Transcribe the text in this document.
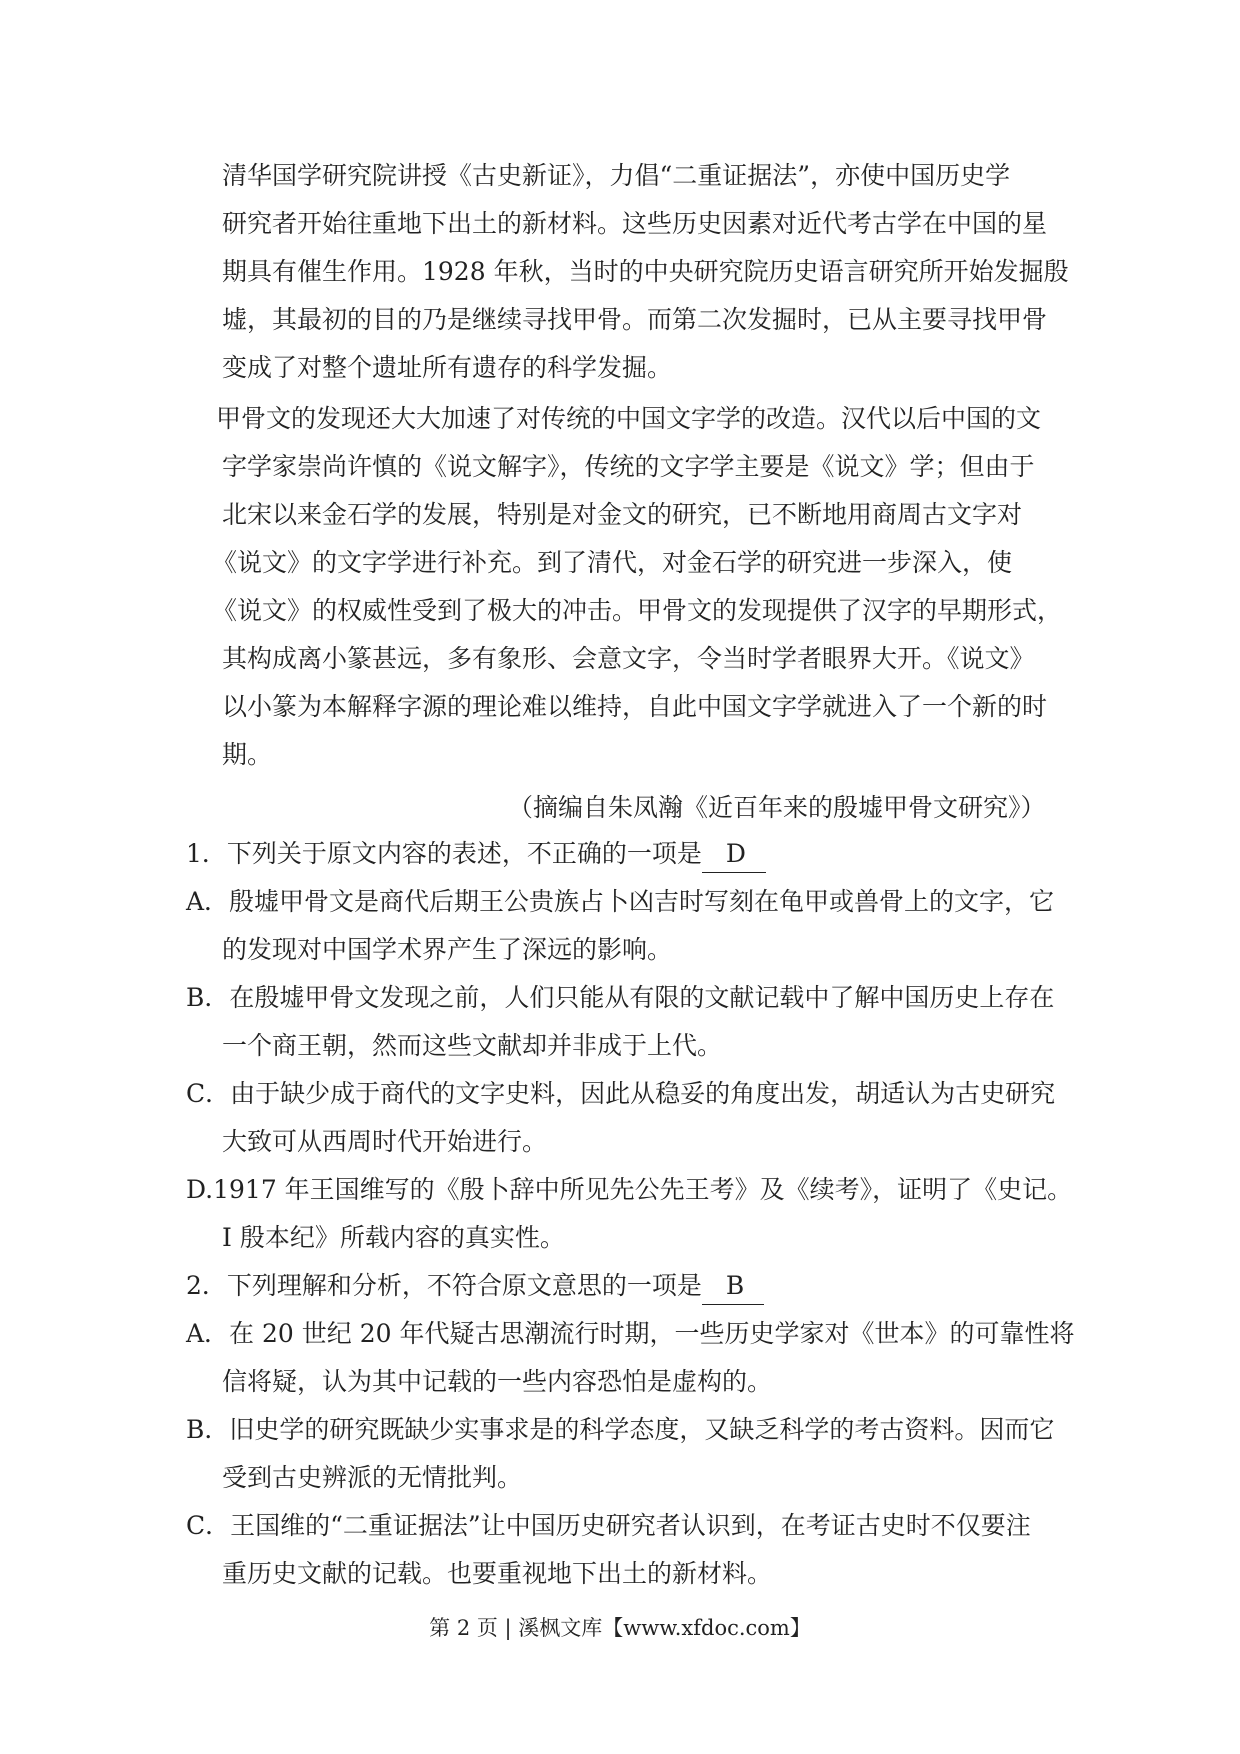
清华国学研究院讲授《古史新证》，力倡“二重证据法”，亦使中国历史学
研究者开始往重地下出土的新材料。这些历史因素对近代考古学在中国的星
期具有催生作用。1928 年秋，当时的中央研究院历史语言研究所开始发掘殷
墟，其最初的目的乃是继续寻找甲骨。而第二次发掘时，已从主要寻找甲骨
变成了对整个遗址所有遗存的科学发掘。
甲骨文的发现还大大加速了对传统的中国文字学的改造。汉代以后中国的文
字学家崇尚许慎的《说文解字》，传统的文字学主要是《说文》学；但由于
北宋以来金石学的发展，特别是对金文的研究，已不断地用商周古文字对
《说文》的文字学进行补充。到了清代，对金石学的研究进一步深入，使
《说文》的权威性受到了极大的冲击。甲骨文的发现提供了汉字的早期形式，
其构成离小篆甚远，多有象形、会意文字，令当时学者眼界大开。《说文》
以小篆为本解释字源的理论难以维持，自此中国文字学就进入了一个新的时
期。
（摘编自朱凤瀚《近百年来的殷墟甲骨文研究》）
1．下列关于原文内容的表述，不正确的一项是 D
A．殷墟甲骨文是商代后期王公贵族占卜凶吉时写刻在龟甲或兽骨上的文字，它
的发现对中国学术界产生了深远的影响。
B．在殷墟甲骨文发现之前，人们只能从有限的文献记载中了解中国历史上存在
一个商王朝，然而这些文献却并非成于上代。
C．由于缺少成于商代的文字史料，因此从稳妥的角度出发，胡适认为古史研究
大致可从西周时代开始进行。
D.1917 年王国维写的《殷卜辞中所见先公先王考》及《续考》，证明了《史记。
I 殷本纪》所载内容的真实性。
2．下列理解和分析，不符合原文意思的一项是 B
A．在 20 世纪 20 年代疑古思潮流行时期，一些历史学家对《世本》的可靠性将
信将疑，认为其中记载的一些内容恐怕是虚构的。
B．旧史学的研究既缺少实事求是的科学态度，又缺乏科学的考古资料。因而它
受到古史辨派的无情批判。
C．王国维的“二重证据法”让中国历史研究者认识到，在考证古史时不仅要注
重历史文献的记载。也要重视地下出土的新材料。
第 2 页 | 溪枫文库【www.xfdoc.com】
